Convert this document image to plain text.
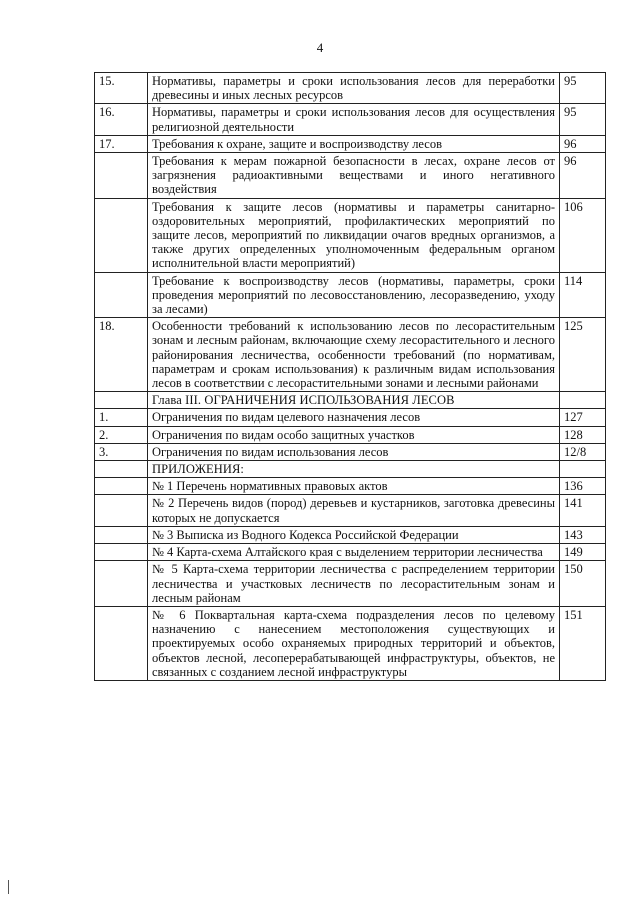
4
15.	Нормативы, параметры и сроки использования лесов для переработки древесины и иных лесных ресурсов	95
16.	Нормативы, параметры и сроки использования лесов для осуществления религиозной деятельности	95
17.	Требования к охране, защите и воспроизводству лесов	96
	Требования к мерам пожарной безопасности в лесах, охране лесов от загрязнения радиоактивными веществами и иного негативного воздействия	96
	Требования к защите лесов (нормативы и параметры санитарно-оздоровительных мероприятий, профилактических мероприятий по защите лесов, мероприятий по ликвидации очагов вредных организмов, а также других определенных уполномоченным федеральным органом исполнительной власти мероприятий)	106
	Требование к воспроизводству лесов (нормативы, параметры, сроки проведения мероприятий по лесовосстановлению, лесоразведению, уходу за лесами)	114
18.	Особенности требований к использованию лесов по лесорастительным зонам и лесным районам, включающие схему лесорастительного и лесного районирования лесничества, особенности требований (по нормативам, параметрам и срокам использования) к различным видам использования лесов в соответствии с лесорастительными зонами и лесными районами	125
	Глава III. ОГРАНИЧЕНИЯ ИСПОЛЬЗОВАНИЯ ЛЕСОВ	
1.	Ограничения по видам целевого назначения лесов	127
2.	Ограничения по видам особо защитных участков	128
3.	Ограничения по видам использования лесов	12/8
	ПРИЛОЖЕНИЯ:	
	№ 1 Перечень нормативных правовых актов	136
	№ 2 Перечень видов (пород) деревьев и кустарников, заготовка древесины которых не допускается	141
	№ 3 Выписка из Водного Кодекса Российской Федерации	143
	№ 4 Карта-схема Алтайского края с выделением территории лесничества	149
	№ 5 Карта-схема территории лесничества с распределением территории лесничества и участковых лесничеств по лесорастительным зонам и лесным районам	150
	№ 6 Поквартальная карта-схема подразделения лесов по целевому назначению с нанесением местоположения существующих и проектируемых особо охраняемых природных территорий и объектов, объектов лесной, лесоперерабатывающей инфраструктуры, объектов, не связанных с созданием лесной инфраструктуры	151
